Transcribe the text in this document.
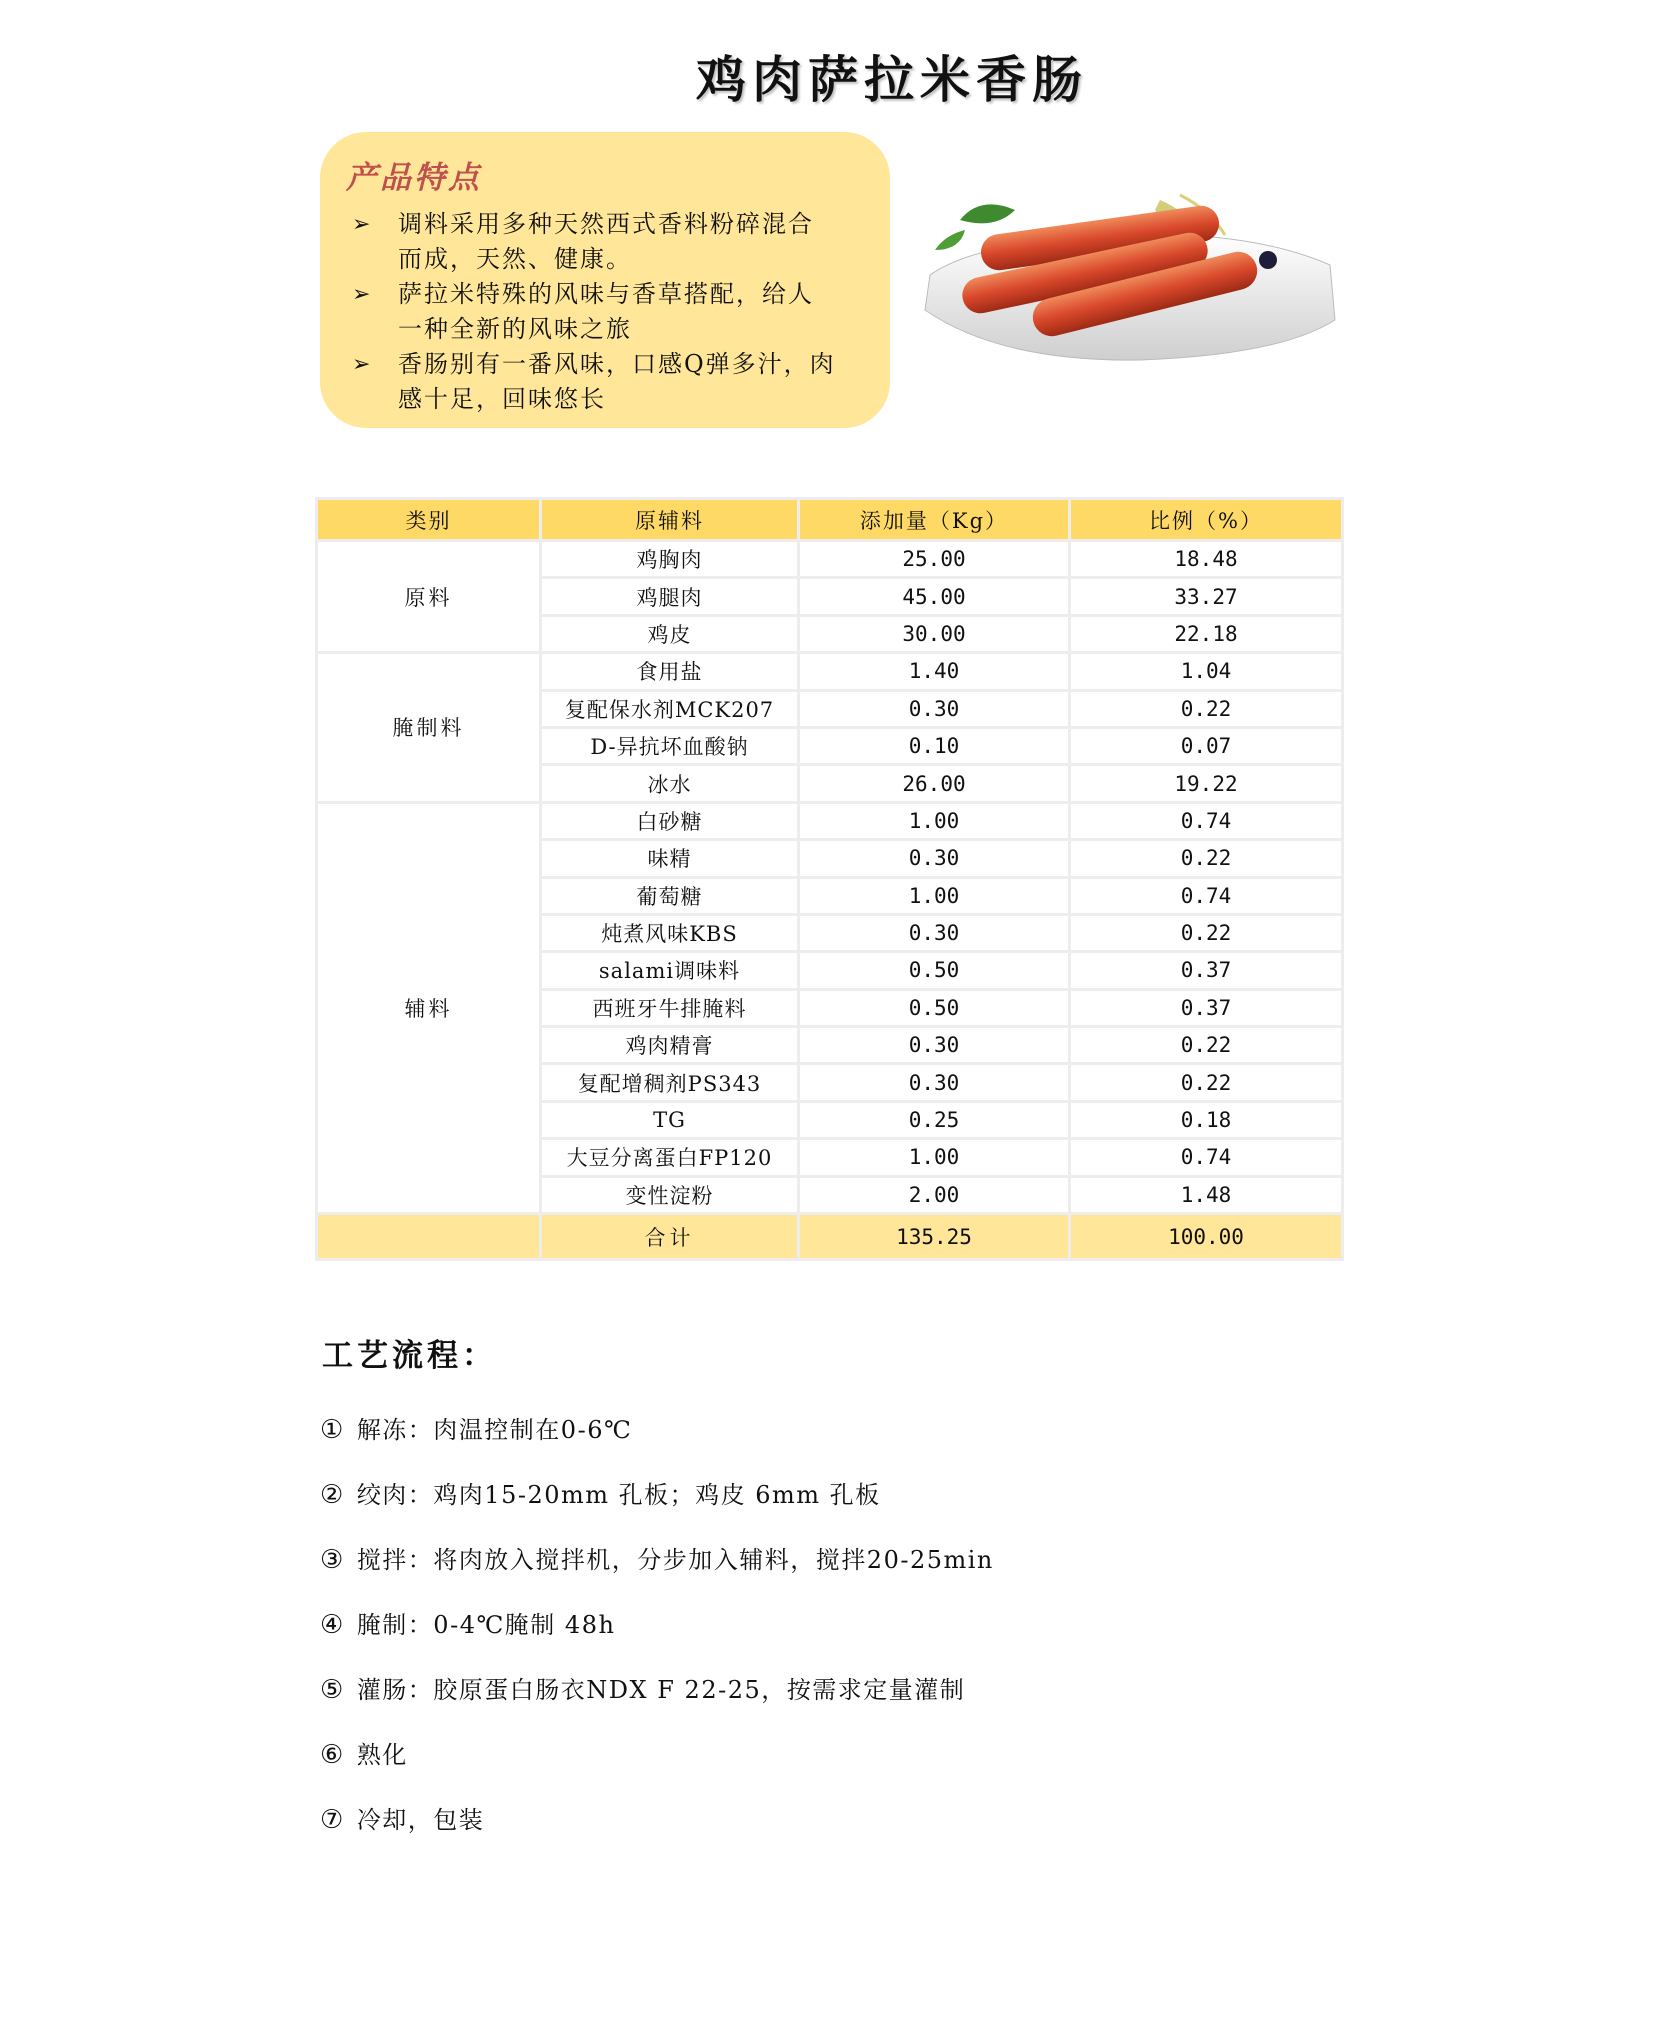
鸡肉萨拉米香肠
产品特点
➢ 调料采用多种天然西式香料粉碎混合
而成，天然、健康。
➢ 萨拉米特殊的风味与香草搭配，给人
一种全新的风味之旅
➢ 香肠别有一番风味，口感Q弹多汁，肉
感十足，回味悠长
类别	原辅料	添加量（Kg）	比例（%）
原料	鸡胸肉	25.00	18.48
	鸡腿肉	45.00	33.27
	鸡皮	30.00	22.18
腌制料	食用盐	1.40	1.04
	复配保水剂MCK207	0.30	0.22
	D-异抗坏血酸钠	0.10	0.07
	冰水	26.00	19.22
辅料	白砂糖	1.00	0.74
	味精	0.30	0.22
	葡萄糖	1.00	0.74
	炖煮风味KBS	0.30	0.22
	salami调味料	0.50	0.37
	西班牙牛排腌料	0.50	0.37
	鸡肉精膏	0.30	0.22
	复配增稠剂PS343	0.30	0.22
	TG	0.25	0.18
	大豆分离蛋白FP120	1.00	0.74
	变性淀粉	2.00	1.48
	合计	135.25	100.00
工艺流程：
① 解冻：肉温控制在0-6℃
② 绞肉：鸡肉15-20mm 孔板；鸡皮 6mm 孔板
③ 搅拌：将肉放入搅拌机，分步加入辅料，搅拌20-25min
④ 腌制：0-4℃腌制 48h
⑤ 灌肠：胶原蛋白肠衣NDX F 22-25，按需求定量灌制
⑥ 熟化
⑦ 冷却，包装
